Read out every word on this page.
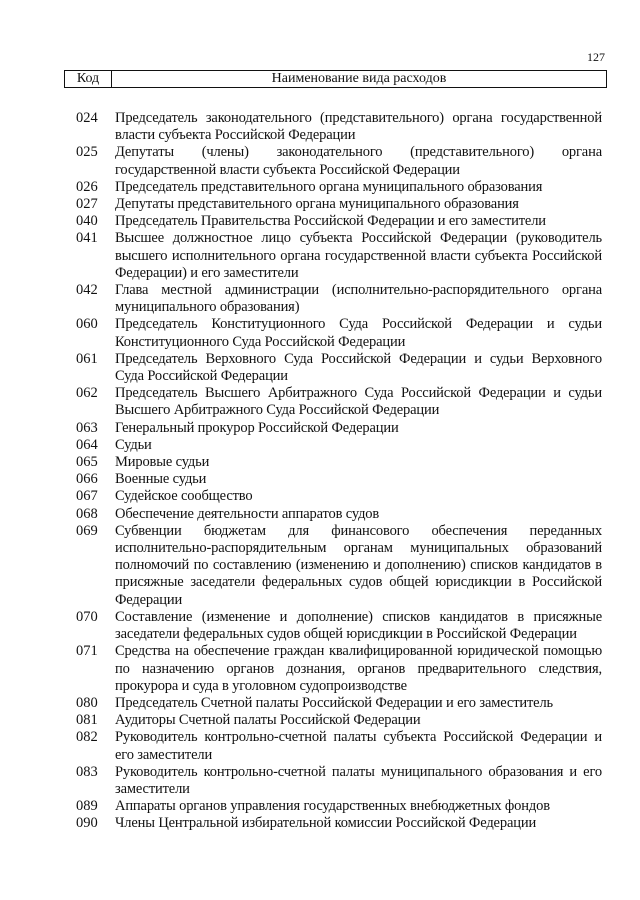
127
Код	Наименование вида расходов
024	Председатель законодательного (представительного) органа государственной власти субъекта Российской Федерации
025	Депутаты (члены) законодательного (представительного) органа государственной власти субъекта Российской Федерации
026	Председатель представительного органа муниципального образования
027	Депутаты представительного органа муниципального образования
040	Председатель Правительства Российской Федерации и его заместители
041	Высшее должностное лицо субъекта Российской Федерации (руководитель высшего исполнительного органа государственной власти субъекта Российской Федерации) и его заместители
042	Глава местной администрации (исполнительно-распорядительного органа муниципального образования)
060	Председатель Конституционного Суда Российской Федерации и судьи Конституционного Суда Российской Федерации
061	Председатель Верховного Суда Российской Федерации и судьи Верховного Суда Российской Федерации
062	Председатель Высшего Арбитражного Суда Российской Федерации и судьи Высшего Арбитражного Суда Российской Федерации
063	Генеральный прокурор Российской Федерации
064	Судьи
065	Мировые судьи
066	Военные судьи
067	Судейское сообщество
068	Обеспечение деятельности аппаратов судов
069	Субвенции бюджетам для финансового обеспечения переданных исполнительно-распорядительным органам муниципальных образований полномочий по составлению (изменению и дополнению) списков кандидатов в присяжные заседатели федеральных судов общей юрисдикции в Российской Федерации
070	Составление (изменение и дополнение) списков кандидатов в присяжные заседатели федеральных судов общей юрисдикции в Российской Федерации
071	Средства на обеспечение граждан квалифицированной юридической помощью по назначению органов дознания, органов предварительного следствия, прокурора и суда в уголовном судопроизводстве
080	Председатель Счетной палаты Российской Федерации и его заместитель
081	Аудиторы Счетной палаты Российской Федерации
082	Руководитель контрольно-счетной палаты субъекта Российской Федерации и его заместители
083	Руководитель контрольно-счетной палаты муниципального образования и его заместители
089	Аппараты органов управления государственных внебюджетных фондов
090	Члены Центральной избирательной комиссии Российской Федерации
